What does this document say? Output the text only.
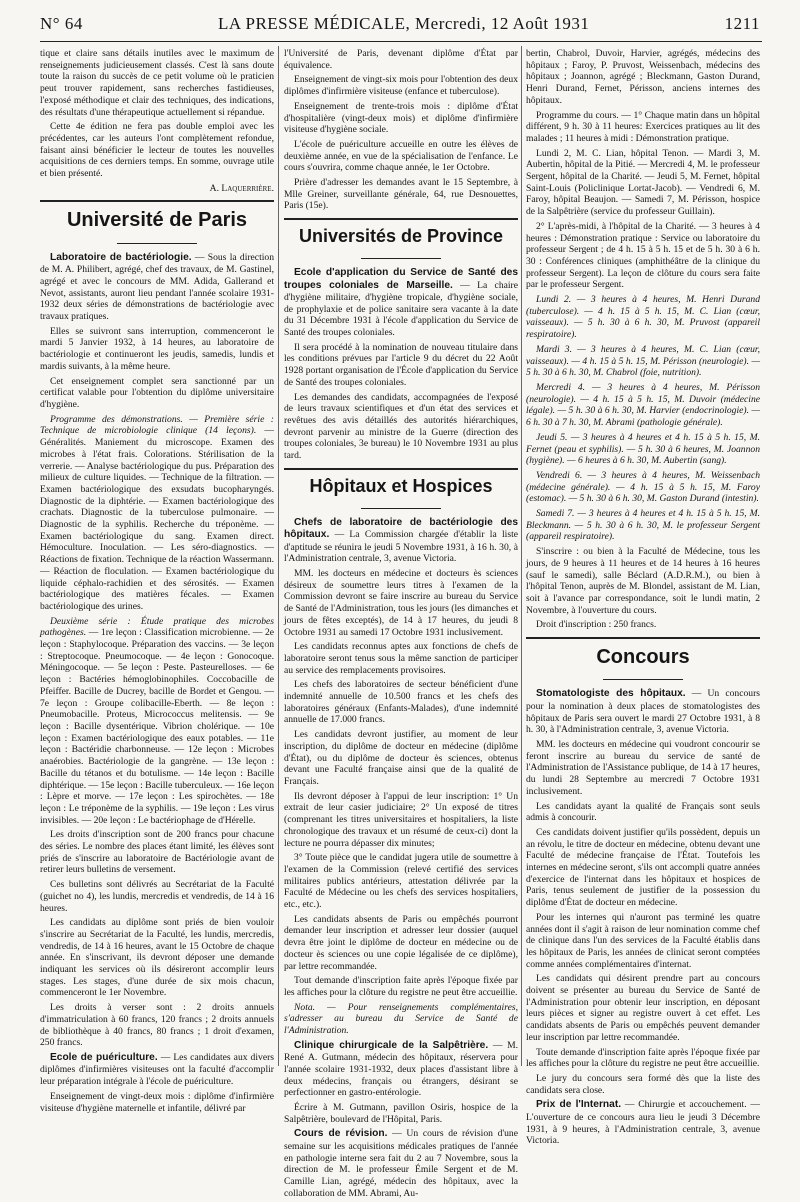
N° 64	LA PRESSE MÉDICALE, Mercredi, 12 Août 1931	1211

tique et claire sans détails inutiles avec le maximum de renseignements judicieusement classés. C'est là sans doute toute la raison du succès de ce petit volume où le praticien peut trouver rapidement, sans recherches fastidieuses, l'exposé méthodique et clair des techniques, des indications, des résultats d'une thérapeutique actuellement si répandue.

Cette 4e édition ne fera pas double emploi avec les précédentes, car les auteurs l'ont complètement refondue, faisant ainsi bénéficier le lecteur de toutes les nouvelles acquisitions de ces derniers temps. En somme, ouvrage utile et bien présenté.

A. Laquerrière.
Université de Paris

Laboratoire de bactériologie. — Sous la direction de M. A. Philibert, agrégé, chef des travaux, de M. Gastinel, agrégé et avec le concours de MM. Adida, Gallerand et Nevot, assistants, auront lieu pendant l'année scolaire 1931-1932 deux séries de démonstrations de bactériologie avec travaux pratiques.

Elles se suivront sans interruption, commenceront le mardi 5 Janvier 1932, à 14 heures, au laboratoire de bactériologie et continueront les jeudis, samedis, lundis et mardis suivants, à la même heure.

Cet enseignement complet sera sanctionné par un certificat valable pour l'obtention du diplôme universitaire d'hygiène.

Programme des démonstrations. — Première série : Technique de microbiologie clinique (14 leçons). — Généralités. Maniement du microscope. Examen des microbes à l'état frais. Colorations. Stérilisation de la verrerie. — Analyse bactériologique du pus. Préparation des milieux de culture liquides. — Technique de la filtration. — Examen bactériologique des exsudats bucopharyngés. Diagnostic de la diphtérie. — Examen bactériologique des crachats. Diagnostic de la tuberculose pulmonaire. — Diagnostic de la syphilis. Recherche du tréponème. — Examen bactériologique du sang. Examen direct. Hémoculture. Inoculation. — Les séro-diagnostics. — Réactions de fixation. Technique de la réaction Wassermann. — Réaction de floculation. — Examen bactériologique du liquide céphalo-rachidien et des sérosités. — Examen bactériologique des matières fécales. — Examen bactériologique des urines.

Deuxième série : Étude pratique des microbes pathogènes. — 1re leçon : Classification microbienne. — 2e leçon : Staphylocoque. Préparation des vaccins. — 3e leçon : Streptocoque. Pneumocoque. — 4e leçon : Gonocoque. Méningocoque. — 5e leçon : Peste. Pasteurelloses. — 6e leçon : Bactéries hémoglobinophiles. Coccobacille de Pfeiffer. Bacille de Ducrey, bacille de Bordet et Gengou. — 7e leçon : Groupe colibacille-Eberth. — 8e leçon : Pneumobacille. Proteus, Micrococcus melitensis. — 9e leçon : Bacille dysentérique. Vibrion cholérique. — 10e leçon : Examen bactériologique des eaux potables. — 11e leçon : Bactéridie charbonneuse. — 12e leçon : Microbes anaérobies. Bactériologie de la gangrène. — 13e leçon : Bacille du tétanos et du botulisme. — 14e leçon : Bacille diphtérique. — 15e leçon : Bacille tuberculeux. — 16e leçon : Lèpre et morve. — 17e leçon : Les spirochètes. — 18e leçon : Le tréponème de la syphilis. — 19e leçon : Les virus invisibles. — 20e leçon : Le bactériophage de d'Hérelle.

Les droits d'inscription sont de 200 francs pour chacune des séries. Le nombre des places étant limité, les élèves sont priés de s'inscrire au laboratoire de Bactériologie avant de retirer leurs bulletins de versement.

Ces bulletins sont délivrés au Secrétariat de la Faculté (guichet no 4), les lundis, mercredis et vendredis, de 14 à 16 heures.

Les candidats au diplôme sont priés de bien vouloir s'inscrire au Secrétariat de la Faculté, les lundis, mercredis, vendredis, de 14 à 16 heures, avant le 15 Octobre de chaque année. En s'inscrivant, ils devront déposer une demande indiquant les services où ils désireront accomplir leurs stages. Les stages, d'une durée de six mois chacun, commenceront le 1er Novembre.

Les droits à verser sont : 2 droits annuels d'immatriculation à 60 francs, 120 francs ; 2 droits annuels de bibliothèque à 40 francs, 80 francs ; 1 droit d'examen, 250 francs.

Ecole de puériculture. — Les candidates aux divers diplômes d'infirmières visiteuses ont la faculté d'accomplir leur préparation intégrale à l'école de puériculture.

Enseignement de vingt-deux mois : diplôme d'infirmière visiteuse d'hygiène maternelle et infantile, délivré par

l'Université de Paris, devenant diplôme d'État par équivalence.

Enseignement de vingt-six mois pour l'obtention des deux diplômes d'infirmière visiteuse (enfance et tuberculose).

Enseignement de trente-trois mois : diplôme d'État d'hospitalière (vingt-deux mois) et diplôme d'infirmière visiteuse d'hygiène sociale.

L'école de puériculture accueille en outre les élèves de deuxième année, en vue de la spécialisation de l'enfance. Le cours s'ouvrira, comme chaque année, le 1er Octobre.

Prière d'adresser les demandes avant le 15 Septembre, à Mlle Greiner, surveillante générale, 64, rue Desnouettes, Paris (15e).

Universités de Province

Ecole d'application du Service de Santé des troupes coloniales de Marseille. — La chaire d'hygiène militaire, d'hygiène tropicale, d'hygiène sociale, de prophylaxie et de police sanitaire sera vacante à la date du 31 Décembre 1931 à l'école d'application du Service de Santé des troupes coloniales.

Il sera procédé à la nomination de nouveau titulaire dans les conditions prévues par l'article 9 du décret du 22 Août 1928 portant organisation de l'École d'application du Service de Santé des troupes coloniales.

Les demandes des candidats, accompagnées de l'exposé de leurs travaux scientifiques et d'un état des services et revêtues des avis détaillés des autorités hiérarchiques, devront parvenir au ministre de la Guerre (direction des troupes coloniales, 3e bureau) le 10 Novembre 1931 au plus tard.

Hôpitaux et Hospices

Chefs de laboratoire de bactériologie des hôpitaux. — La Commission chargée d'établir la liste d'aptitude se réunira le jeudi 5 Novembre 1931, à 16 h. 30, à l'Administration centrale, 3, avenue Victoria.

MM. les docteurs en médecine et docteurs ès sciences désireux de soumettre leurs titres à l'examen de la Commission devront se faire inscrire au bureau du Service de Santé de l'Administration, tous les jours (les dimanches et jours de fêtes exceptés), de 14 à 17 heures, du jeudi 8 Octobre 1931 au samedi 17 Octobre 1931 inclusivement.

Les candidats reconnus aptes aux fonctions de chefs de laboratoire seront tenus sous la même sanction de participer au service des remplacements provisoires.

Les chefs des laboratoires de secteur bénéficient d'une indemnité annuelle de 10.500 francs et les chefs des laboratoires généraux (Enfants-Malades), d'une indemnité annuelle de 17.000 francs.

Les candidats devront justifier, au moment de leur inscription, du diplôme de docteur en médecine (diplôme d'État), ou du diplôme de docteur ès sciences, obtenus devant une Faculté française ainsi que de la qualité de Français.

Ils devront déposer à l'appui de leur inscription: 1° Un extrait de leur casier judiciaire; 2° Un exposé de titres (comprenant les titres universitaires et hospitaliers, la liste chronologique des travaux et un résumé de ceux-ci) dont la lecture ne pourra dépasser dix minutes;

3° Toute pièce que le candidat jugera utile de soumettre à l'examen de la Commission (relevé certifié des services militaires publics antérieurs, attestation délivrée par la Faculté de Médecine ou les chefs des services hospitaliers, etc., etc.).

Les candidats absents de Paris ou empêchés pourront demander leur inscription et adresser leur dossier (auquel devra être joint le diplôme de docteur en médecine ou de docteur ès sciences ou une copie légalisée de ce diplôme), par lettre recommandée.

Tout demande d'inscription faite après l'époque fixée par les affiches pour la clôture du registre ne peut être accueillie.

Nota. — Pour renseignements complémentaires, s'adresser au bureau du Service de Santé de l'Administration.

Clinique chirurgicale de la Salpêtrière. — M. René A. Gutmann, médecin des hôpitaux, réservera pour l'année scolaire 1931-1932, deux places d'assistant libre à deux médecins, français ou étrangers, désirant se perfectionner en gastro-entérologie.

Écrire à M. Gutmann, pavillon Osiris, hospice de la Salpêtrière, boulevard de l'Hôpital, Paris.

Cours de révision. — Un cours de révision d'une semaine sur les acquisitions médicales pratiques de l'année en pathologie interne sera fait du 2 au 7 Novembre, sous la direction de M. le professeur Émile Sergent et de M. Camille Lian, agrégé, médecin des hôpitaux, avec la collaboration de MM. Abrami, Au-

bertin, Chabrol, Duvoir, Harvier, agrégés, médecins des hôpitaux ; Faroy, P. Pruvost, Weissenbach, médecins des hôpitaux ; Joannon, agrégé ; Bleckmann, Gaston Durand, Henri Durand, Fernet, Périsson, anciens internes des hôpitaux.

Programme du cours. — 1° Chaque matin dans un hôpital différent, 9 h. 30 à 11 heures: Exercices pratiques au lit des malades ; 11 heures à midi : Démonstration pratique.

Lundi 2, M. C. Lian, hôpital Tenon. — Mardi 3, M. Aubertin, hôpital de la Pitié. — Mercredi 4, M. le professeur Sergent, hôpital de la Charité. — Jeudi 5, M. Fernet, hôpital Saint-Louis (Policlinique Lortat-Jacob). — Vendredi 6, M. Faroy, hôpital Beaujon. — Samedi 7, M. Périsson, hospice de la Salpêtrière (service du professeur Guillain).

2° L'après-midi, à l'hôpital de la Charité. — 3 heures à 4 heures : Démonstration pratique : Service ou laboratoire du professeur Sergent ; de 4 h. 15 à 5 h. 15 et de 5 h. 30 à 6 h. 30 : Conférences cliniques (amphithéâtre de la clinique du professeur Sergent). La leçon de clôture du cours sera faite par le professeur Sergent.

Lundi 2. — 3 heures à 4 heures, M. Henri Durand (tuberculose). — 4 h. 15 à 5 h. 15, M. C. Lian (cœur, vaisseaux). — 5 h. 30 à 6 h. 30, M. Pruvost (appareil respiratoire).

Mardi 3. — 3 heures à 4 heures, M. C. Lian (cœur, vaisseaux). — 4 h. 15 à 5 h. 15, M. Périsson (neurologie). — 5 h. 30 à 6 h. 30, M. Chabrol (foie, nutrition).

Mercredi 4. — 3 heures à 4 heures, M. Périsson (neurologie). — 4 h. 15 à 5 h. 15, M. Duvoir (médecine légale). — 5 h. 30 à 6 h. 30, M. Harvier (endocrinologie). — 6 h. 30 à 7 h. 30, M. Abrami (pathologie générale).

Jeudi 5. — 3 heures à 4 heures et 4 h. 15 à 5 h. 15, M. Fernet (peau et syphilis). — 5 h. 30 à 6 heures, M. Joannon (hygiène). — 6 heures à 6 h. 30, M. Aubertin (sang).

Vendredi 6. — 3 heures à 4 heures, M. Weissenbach (médecine générale). — 4 h. 15 à 5 h. 15, M. Faroy (estomac). — 5 h. 30 à 6 h. 30, M. Gaston Durand (intestin).

Samedi 7. — 3 heures à 4 heures et 4 h. 15 à 5 h. 15, M. Bleckmann. — 5 h. 30 à 6 h. 30, M. le professeur Sergent (appareil respiratoire).

S'inscrire : ou bien à la Faculté de Médecine, tous les jours, de 9 heures à 11 heures et de 14 heures à 16 heures (sauf le samedi), salle Béclard (A.D.R.M.), ou bien à l'hôpital Tenon, auprès de M. Blondel, assistant de M. Lian, soit à l'avance par correspondance, soit le lundi matin, 2 Novembre, à l'ouverture du cours.

Droit d'inscription : 250 francs.

Concours

Stomatologiste des hôpitaux. — Un concours pour la nomination à deux places de stomatologistes des hôpitaux de Paris sera ouvert le mardi 27 Octobre 1931, à 8 h. 30, à l'Administration centrale, 3, avenue Victoria.

MM. les docteurs en médecine qui voudront concourir se feront inscrire au bureau du service de santé de l'Administration de l'Assistance publique, de 14 à 17 heures, du lundi 28 Septembre au mercredi 7 Octobre 1931 inclusivement.

Les candidats ayant la qualité de Français sont seuls admis à concourir.

Ces candidats doivent justifier qu'ils possèdent, depuis un an révolu, le titre de docteur en médecine, obtenu devant une Faculté de médecine française de l'État. Toutefois les internes en médecine seront, s'ils ont accompli quatre années d'exercice de l'internat dans les hôpitaux et hospices de Paris, tenus seulement de justifier de la possession du diplôme d'État de docteur en médecine.

Pour les internes qui n'auront pas terminé les quatre années dont il s'agit à raison de leur nomination comme chef de clinique dans l'un des services de la Faculté établis dans les hôpitaux de Paris, les années de clinicat seront comptées comme années complémentaires d'internat.

Les candidats qui désirent prendre part au concours doivent se présenter au bureau du Service de Santé de l'Administration pour obtenir leur inscription, en déposant leurs pièces et signer au registre ouvert à cet effet. Les candidats absents de Paris ou empêchés peuvent demander leur inscription par lettre recommandée.

Toute demande d'inscription faite après l'époque fixée par les affiches pour la clôture du registre ne peut être accueillie.

Le jury du concours sera formé dès que la liste des candidats sera close.

Prix de l'Internat. — Chirurgie et accouchement. — L'ouverture de ce concours aura lieu le jeudi 3 Décembre 1931, à 9 heures, à l'Administration centrale, 3, avenue Victoria.
